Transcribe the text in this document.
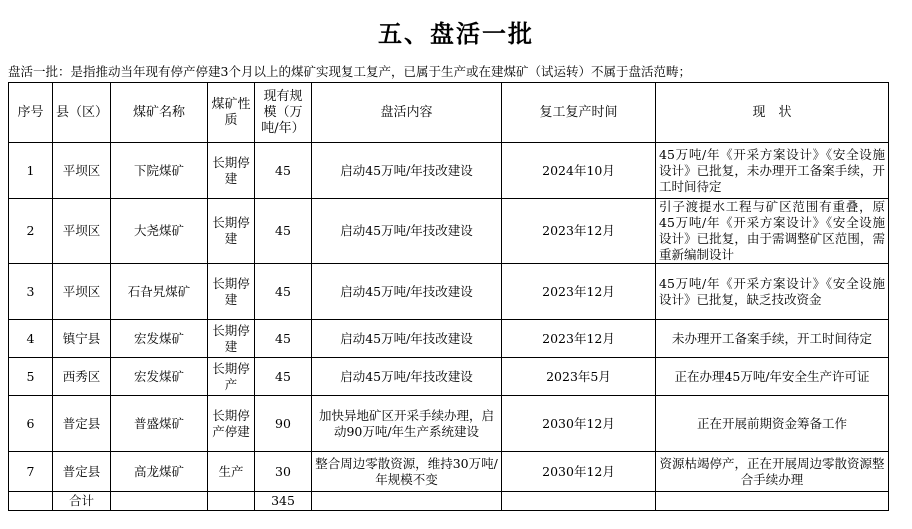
五、盘活一批
盘活一批：是指推动当年现有停产停建3个月以上的煤矿实现复工复产，已属于生产或在建煤矿（试运转）不属于盘活范畴；
序号	县（区）	煤矿名称	煤矿性质	现有规模（万吨/年）	盘活内容	复工复产时间	现　状
1	平坝区	下院煤矿	长期停建	45	启动45万吨/年技改建设	2024年10月	45万吨/年《开采方案设计》《安全设施设计》已批复，未办理开工备案手续，开工时间待定
2	平坝区	大尧煤矿	长期停建	45	启动45万吨/年技改建设	2023年12月	引子渡提水工程与矿区范围有重叠，原45万吨/年《开采方案设计》《安全设施设计》已批复，由于需调整矿区范围，需重新编制设计
3	平坝区	石旮旯煤矿	长期停建	45	启动45万吨/年技改建设	2023年12月	45万吨/年《开采方案设计》《安全设施设计》已批复，缺乏技改资金
4	镇宁县	宏发煤矿	长期停建	45	启动45万吨/年技改建设	2023年12月	未办理开工备案手续，开工时间待定
5	西秀区	宏发煤矿	长期停产	45	启动45万吨/年技改建设	2023年5月	正在办理45万吨/年安全生产许可证
6	普定县	普盛煤矿	长期停产停建	90	加快异地矿区开采手续办理，启动90万吨/年生产系统建设	2030年12月	正在开展前期资金筹备工作
7	普定县	高龙煤矿	生产	30	整合周边零散资源，维持30万吨/年规模不变	2030年12月	资源枯竭停产，正在开展周边零散资源整合手续办理
	合计			345			
